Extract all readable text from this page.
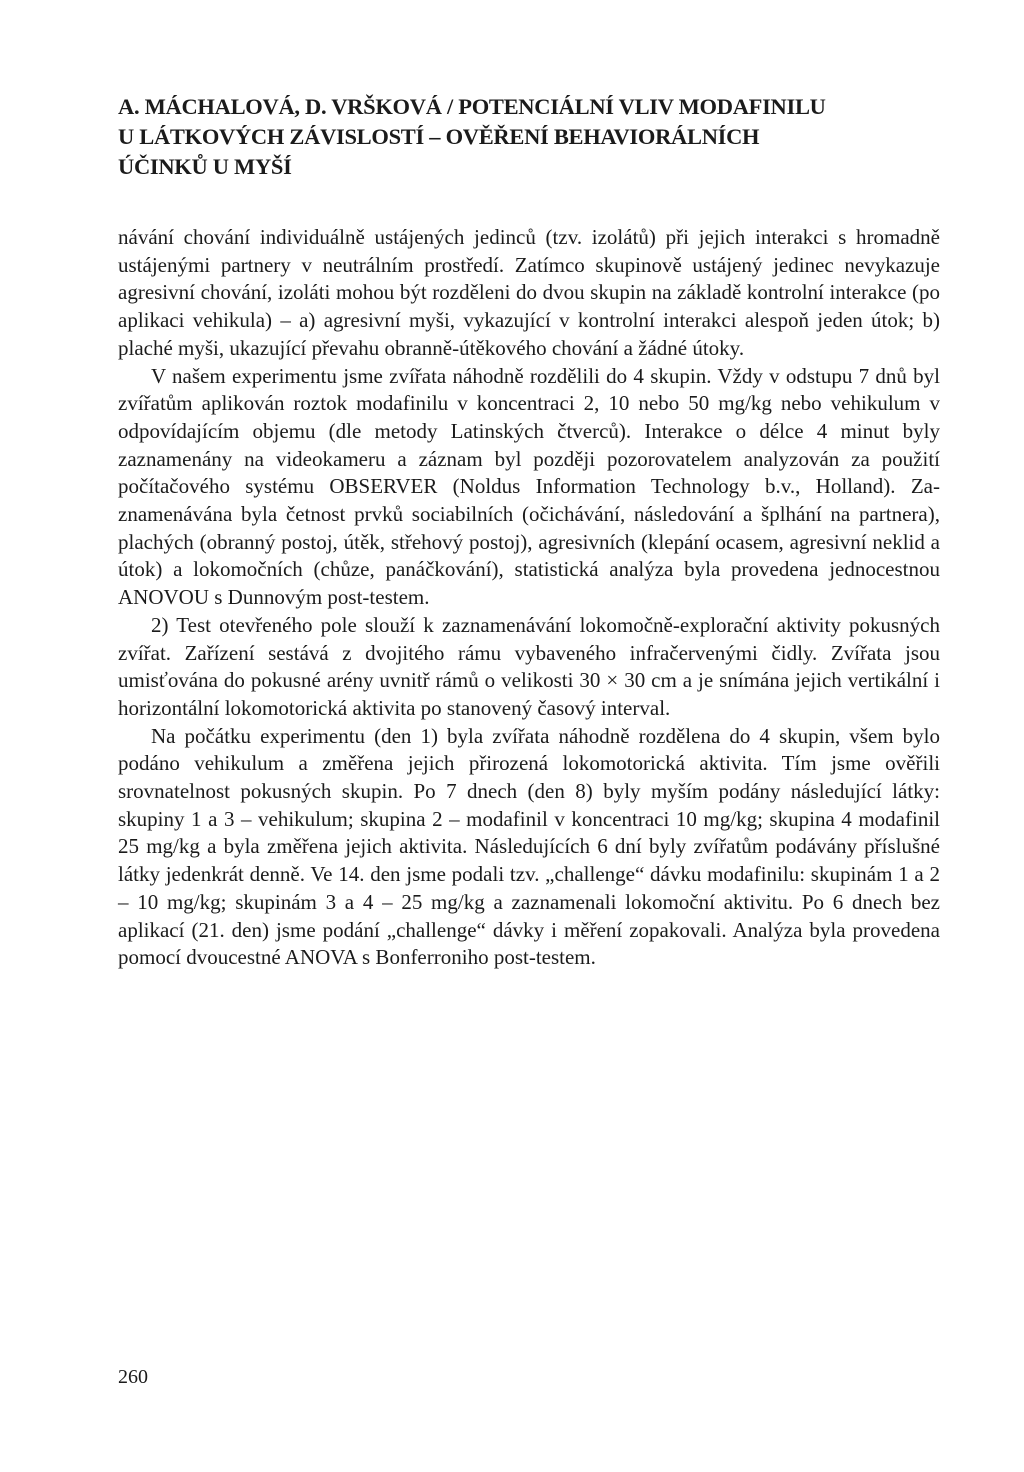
A. MÁCHALOVÁ, D. VRŠKOVÁ / POTENCIÁLNÍ VLIV MODAFINILU
U LÁTKOVÝCH ZÁVISLOSTÍ – OVĚŘENÍ BEHAVIORÁLNÍCH
ÚČINKŮ U MYŠÍ

návání chování individuálně ustájených jedinců (tzv. izolátů) při jejich interakci s hromadně ustájenými partnery v neutrálním prostředí. Zatímco skupinově ustájený jedinec nevykazuje agresivní chování, izoláti mohou být rozděleni do dvou skupin na základě kontrolní interakce (po aplikaci vehikula) – a) agresivní myši, vykazující v kontrolní interakci alespoň jeden útok; b) plaché myši, ukazující převahu obranně-útěkového chování a žádné útoky.

V našem experimentu jsme zvířata náhodně rozdělili do 4 skupin. Vždy v odstupu 7 dnů byl zvířatům aplikován roztok modafinilu v koncentraci 2, 10 nebo 50 mg/kg nebo vehikulum v odpovídajícím objemu (dle metody Latinských čtverců). Interakce o délce 4 minut byly zaznamenány na videokameru a záznam byl později pozorovatelem analyzován za použití počítačového systému OBSERVER (Noldus Information Technology b.v., Holland). Zaznamenávána byla četnost prvků sociabilních (očichávání, následování a šplhání na partnera), plachých (obranný postoj, útěk, střehový postoj), agresivních (klepání ocasem, agresivní neklid a útok) a lokomočních (chůze, panáčkování), statistická analýza byla provedena jednocestnou ANOVOU s Dunnovým post-testem.

2) Test otevřeného pole slouží k zaznamenávání lokomočně-explorační aktivity pokusných zvířat. Zařízení sestává z dvojitého rámu vybaveného infračervenými čidly. Zvířata jsou umisťována do pokusné arény uvnitř rámů o velikosti 30 × 30 cm a je snímána jejich vertikální i horizontální lokomotorická aktivita po stanovený časový interval.

Na počátku experimentu (den 1) byla zvířata náhodně rozdělena do 4 skupin, všem bylo podáno vehikulum a změřena jejich přirozená lokomotorická aktivita. Tím jsme ověřili srovnatelnost pokusných skupin. Po 7 dnech (den 8) byly myším podány následující látky: skupiny 1 a 3 – vehikulum; skupina 2 – modafinil v koncentraci 10 mg/kg; skupina 4 modafinil 25 mg/kg a byla změřena jejich aktivita. Následujících 6 dní byly zvířatům podávány příslušné látky jedenkrát denně. Ve 14. den jsme podali tzv. „challenge“ dávku modafinilu: skupinám 1 a 2 – 10 mg/kg; skupinám 3 a 4 – 25 mg/kg a zaznamenali lokomoční aktivitu. Po 6 dnech bez aplikací (21. den) jsme podání „challenge“ dávky i měření zopakovali. Analýza byla provedena pomocí dvoucestné ANOVA s Bonferroniho post-testem.

260
